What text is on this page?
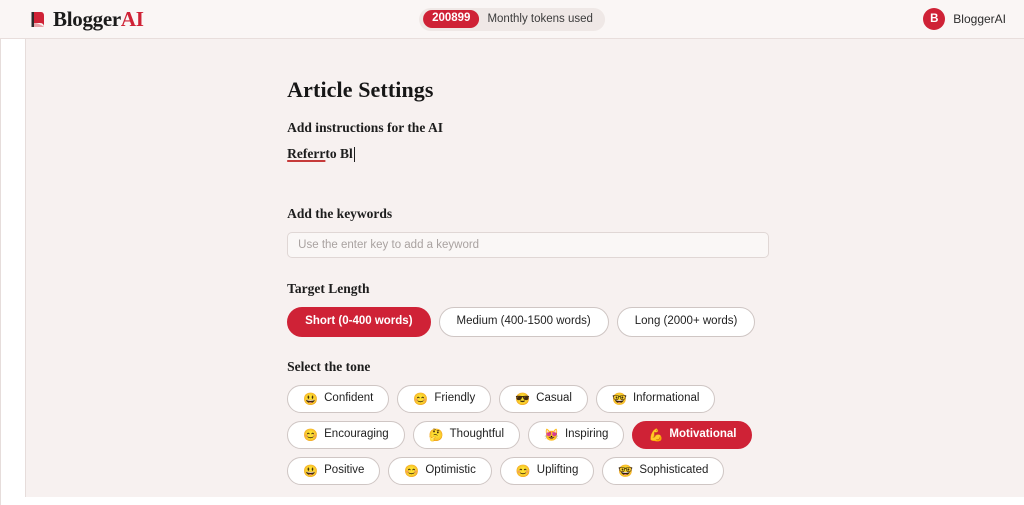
BloggerAI	200899	Monthly tokens used	B	BloggerAI
Article Settings
Add instructions for the AI
Referr to Bl
Add the keywords
Use the enter key to add a keyword
Target Length
Short (0-400 words)	Medium (400-1500 words)	Long (2000+ words)
Select the tone
😃 Confident	😊 Friendly	😎 Casual	🤓 Informational
😊 Encouraging	🤔 Thoughtful	😻 Inspiring	💪 Motivational
😃 Positive	😊 Optimistic	😊 Uplifting	🤓 Sophisticated
